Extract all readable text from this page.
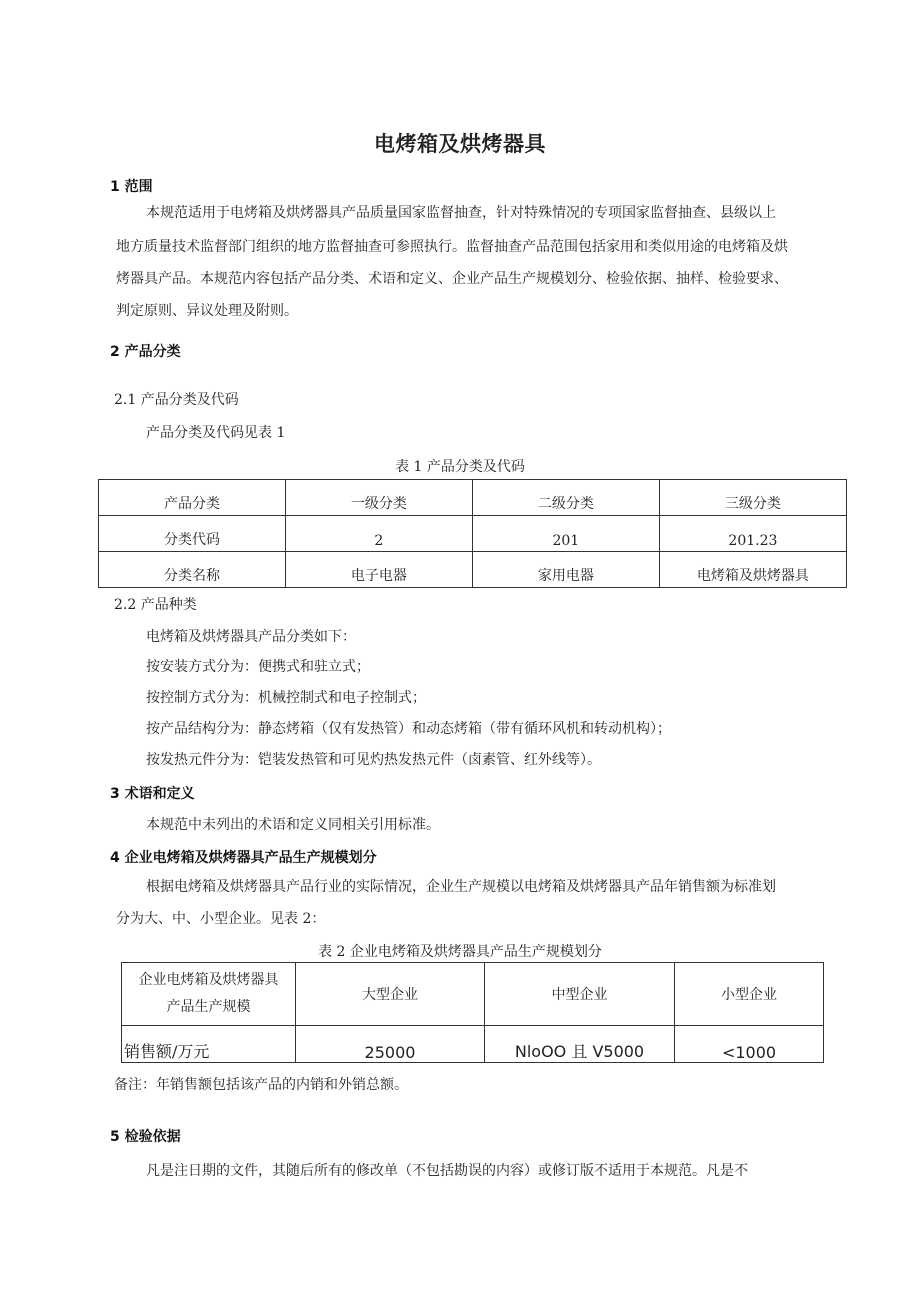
电烤箱及烘烤器具
1 范围
本规范适用于电烤箱及烘烤器具产品质量国家监督抽查，针对特殊情况的专项国家监督抽查、县级以上
地方质量技术监督部门组织的地方监督抽查可参照执行。监督抽查产品范围包括家用和类似用途的电烤箱及烘
烤器具产品。本规范内容包括产品分类、术语和定义、企业产品生产规模划分、检验依据、抽样、检验要求、
判定原则、异议处理及附则。
2 产品分类
2.1 产品分类及代码
产品分类及代码见表 1
表 1 产品分类及代码
产品分类	一级分类	二级分类	三级分类
分类代码	2	201	201.23
分类名称	电子电器	家用电器	电烤箱及烘烤器具
2.2 产品种类
电烤箱及烘烤器具产品分类如下：
按安装方式分为：便携式和驻立式；
按控制方式分为：机械控制式和电子控制式；
按产品结构分为：静态烤箱（仅有发热管）和动态烤箱（带有循环风机和转动机构）；
按发热元件分为：铠装发热管和可见灼热发热元件（卤素管、红外线等）。
3 术语和定义
本规范中未列出的术语和定义同相关引用标准。
4 企业电烤箱及烘烤器具产品生产规模划分
根据电烤箱及烘烤器具产品行业的实际情况，企业生产规模以电烤箱及烘烤器具产品年销售额为标准划
分为大、中、小型企业。见表 2：
表 2 企业电烤箱及烘烤器具产品生产规模划分
企业电烤箱及烘烤器具
产品生产规模	大型企业	中型企业	小型企业
销售额/万元	25000	NloOO 且 V5000	<1000
备注：年销售额包括该产品的内销和外销总额。
5 检验依据
凡是注日期的文件，其随后所有的修改单（不包括勘误的内容）或修订版不适用于本规范。凡是不
